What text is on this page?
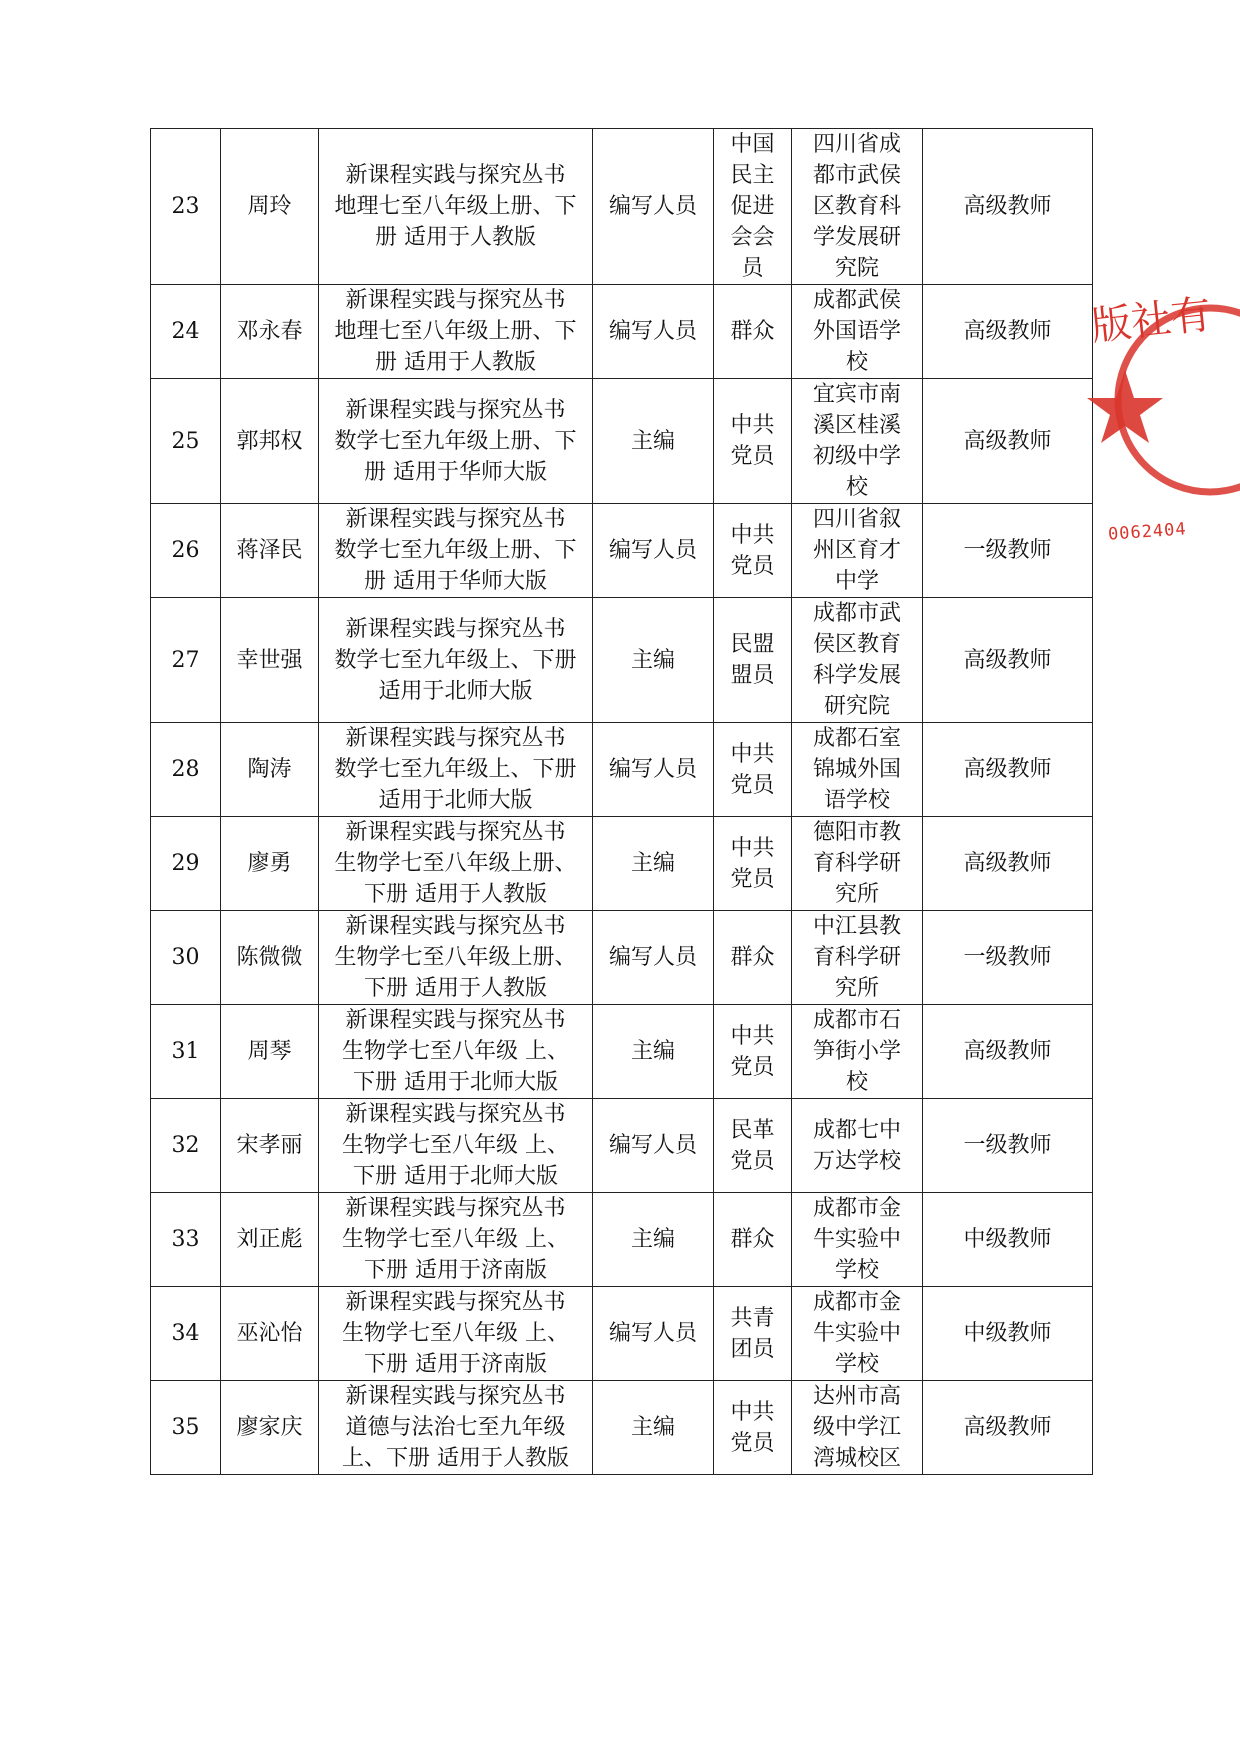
23	周玲	新课程实践与探究丛书
地理七至八年级上册、下
册 适用于人教版	编写人员	中国
民主
促进
会会
员	四川省成
都市武侯
区教育科
学发展研
究院	高级教师
24	邓永春	新课程实践与探究丛书
地理七至八年级上册、下
册 适用于人教版	编写人员	群众	成都武侯
外国语学
校	高级教师
25	郭邦权	新课程实践与探究丛书
数学七至九年级上册、下
册 适用于华师大版	主编	中共
党员	宜宾市南
溪区桂溪
初级中学
校	高级教师
26	蒋泽民	新课程实践与探究丛书
数学七至九年级上册、下
册 适用于华师大版	编写人员	中共
党员	四川省叙
州区育才
中学	一级教师
27	幸世强	新课程实践与探究丛书
数学七至九年级上、下册
适用于北师大版	主编	民盟
盟员	成都市武
侯区教育
科学发展
研究院	高级教师
28	陶涛	新课程实践与探究丛书
数学七至九年级上、下册
适用于北师大版	编写人员	中共
党员	成都石室
锦城外国
语学校	高级教师
29	廖勇	新课程实践与探究丛书
生物学七至八年级上册、
下册 适用于人教版	主编	中共
党员	德阳市教
育科学研
究所	高级教师
30	陈微微	新课程实践与探究丛书
生物学七至八年级上册、
下册 适用于人教版	编写人员	群众	中江县教
育科学研
究所	一级教师
31	周琴	新课程实践与探究丛书
生物学七至八年级 上、
下册 适用于北师大版	主编	中共
党员	成都市石
笋街小学
校	高级教师
32	宋孝丽	新课程实践与探究丛书
生物学七至八年级 上、
下册 适用于北师大版	编写人员	民革
党员	成都七中
万达学校	一级教师
33	刘正彪	新课程实践与探究丛书
生物学七至八年级 上、
下册 适用于济南版	主编	群众	成都市金
牛实验中
学校	中级教师
34	巫沁怡	新课程实践与探究丛书
生物学七至八年级 上、
下册 适用于济南版	编写人员	共青
团员	成都市金
牛实验中
学校	中级教师
35	廖家庆	新课程实践与探究丛书
道德与法治七至九年级
上、下册 适用于人教版	主编	中共
党员	达州市高
级中学江
湾城校区	高级教师
版社有
0062404
